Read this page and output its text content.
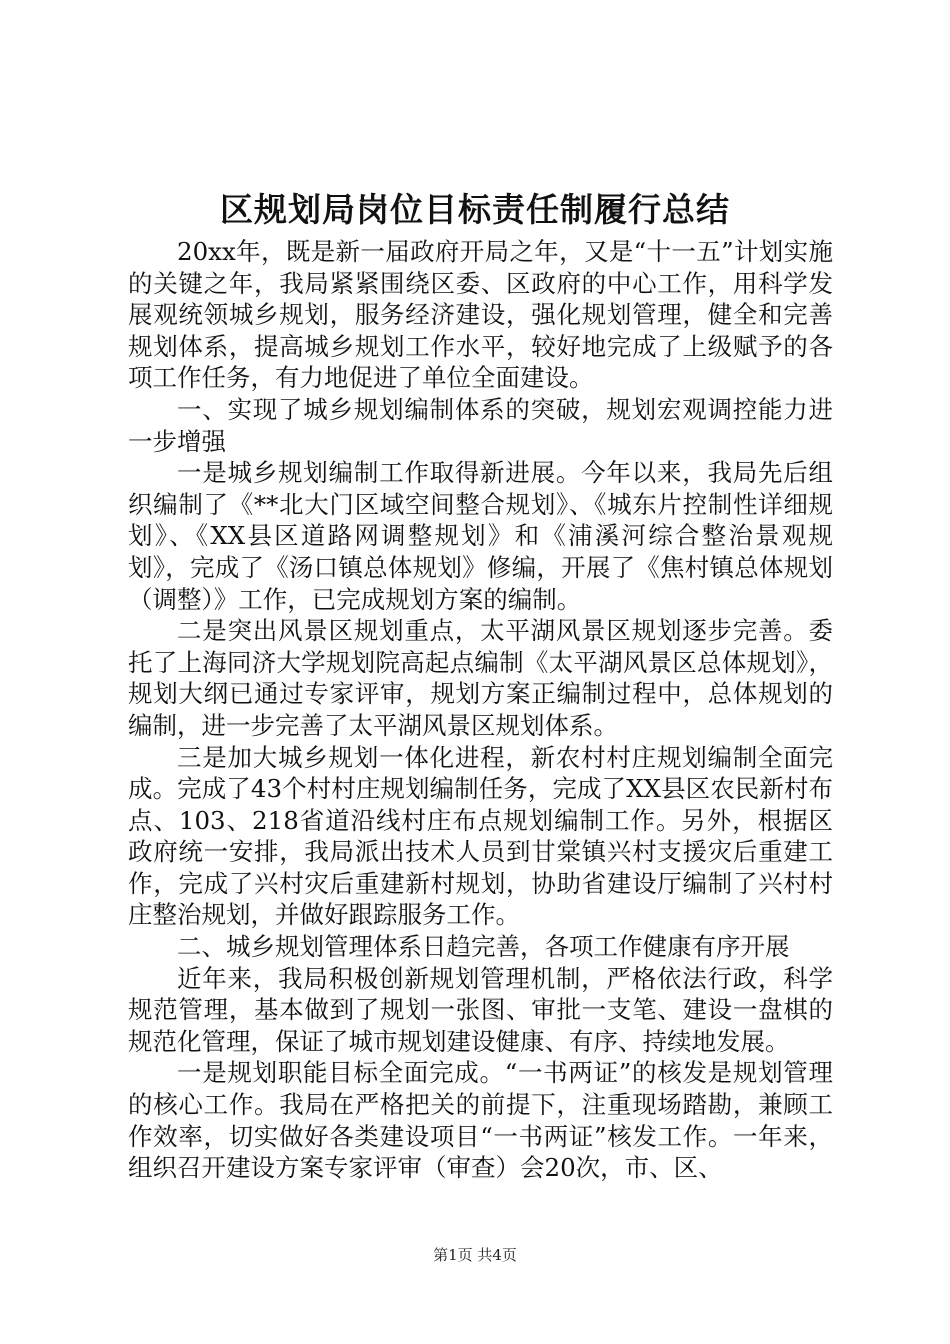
区规划局岗位目标责任制履行总结

20xx年，既是新一届政府开局之年，又是“十一五”计划实施的关键之年，我局紧紧围绕区委、区政府的中心工作，用科学发展观统领城乡规划，服务经济建设，强化规划管理，健全和完善规划体系，提高城乡规划工作水平，较好地完成了上级赋予的各项工作任务，有力地促进了单位全面建设。

一、实现了城乡规划编制体系的突破，规划宏观调控能力进一步增强

一是城乡规划编制工作取得新进展。今年以来，我局先后组织编制了《**北大门区域空间整合规划》、《城东片控制性详细规划》、《XX县区道路网调整规划》和《浦溪河综合整治景观规划》，完成了《汤口镇总体规划》修编，开展了《焦村镇总体规划（调整）》工作，已完成规划方案的编制。

二是突出风景区规划重点，太平湖风景区规划逐步完善。委托了上海同济大学规划院高起点编制《太平湖风景区总体规划》，规划大纲已通过专家评审，规划方案正编制过程中，总体规划的编制，进一步完善了太平湖风景区规划体系。

三是加大城乡规划一体化进程，新农村村庄规划编制全面完成。完成了43个村村庄规划编制任务，完成了XX县区农民新村布点、103、218省道沿线村庄布点规划编制工作。另外，根据区政府统一安排，我局派出技术人员到甘棠镇兴村支援灾后重建工作，完成了兴村灾后重建新村规划，协助省建设厅编制了兴村村庄整治规划，并做好跟踪服务工作。

二、城乡规划管理体系日趋完善，各项工作健康有序开展

近年来，我局积极创新规划管理机制，严格依法行政，科学规范管理，基本做到了规划一张图、审批一支笔、建设一盘棋的规范化管理，保证了城市规划建设健康、有序、持续地发展。

一是规划职能目标全面完成。“一书两证”的核发是规划管理的核心工作。我局在严格把关的前提下，注重现场踏勘，兼顾工作效率，切实做好各类建设项目“一书两证”核发工作。一年来，组织召开建设方案专家评审（审查）会20次，市、区、

第1页 共4页
